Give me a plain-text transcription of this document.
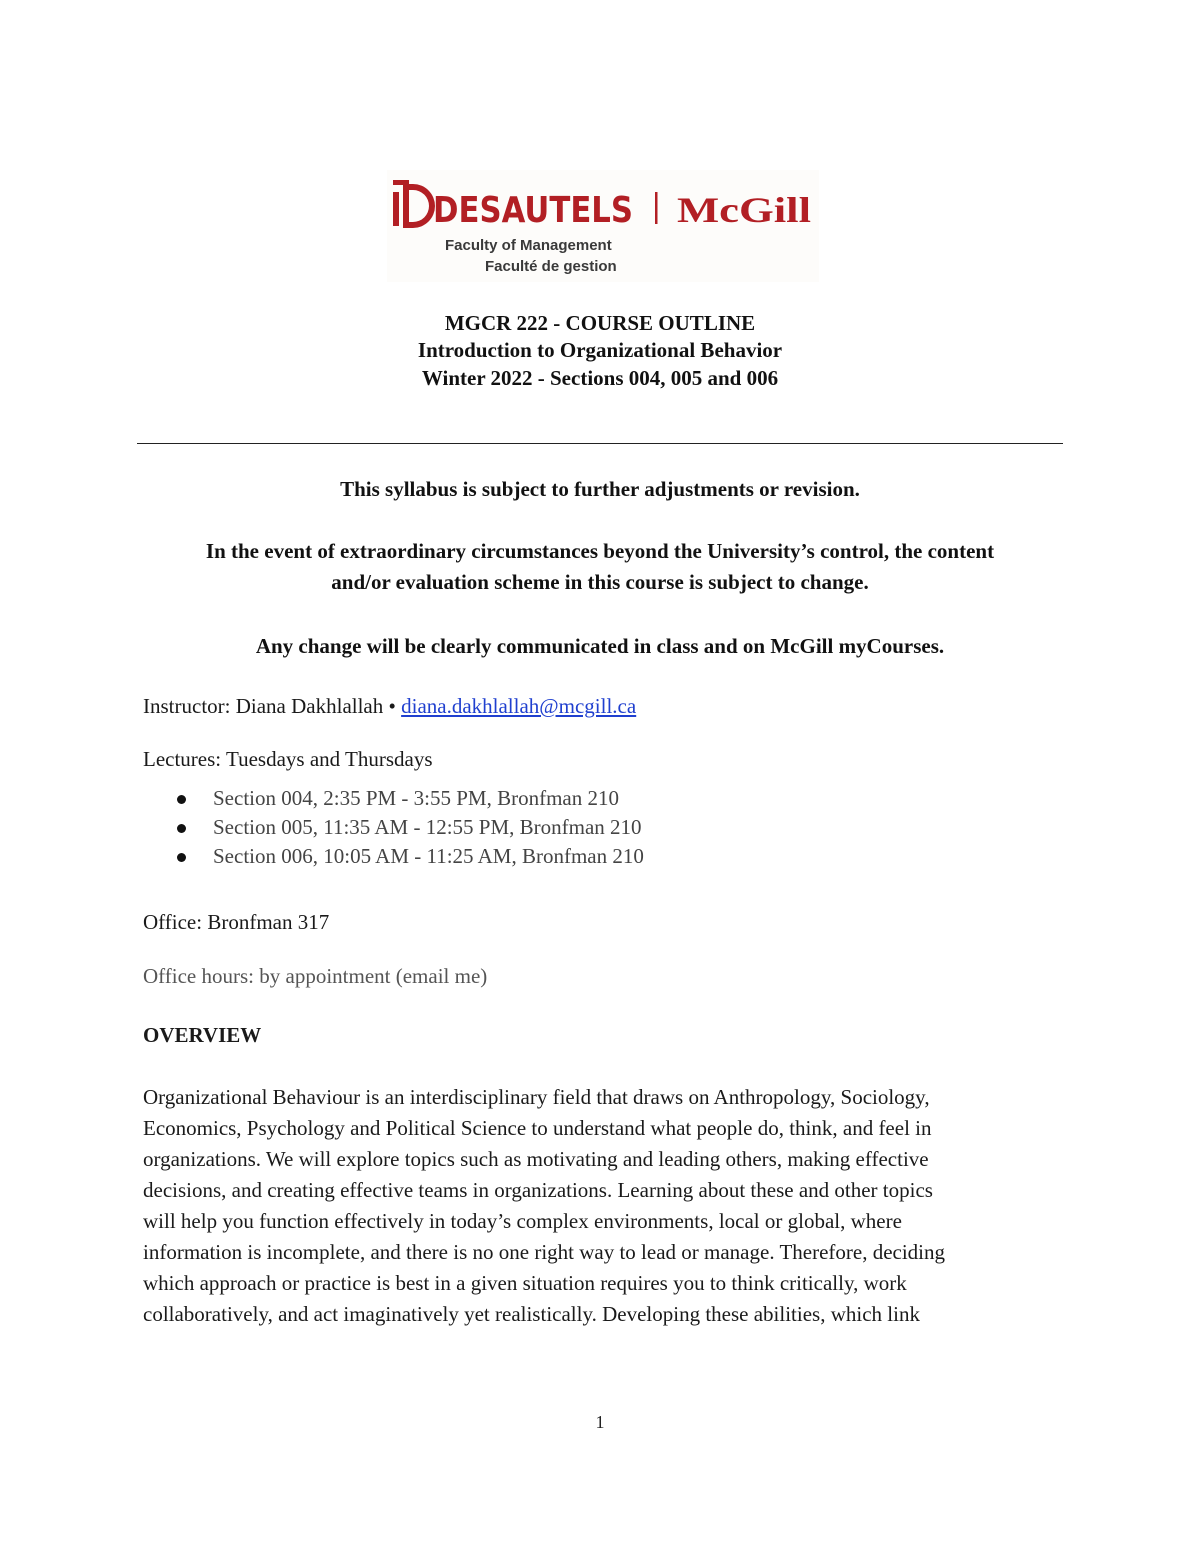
DESAUTELS McGill
Faculty of Management
Faculté de gestion
MGCR 222 - COURSE OUTLINE
Introduction to Organizational Behavior
Winter 2022 - Sections 004, 005 and 006
This syllabus is subject to further adjustments or revision.
In the event of extraordinary circumstances beyond the University’s control, the content
and/or evaluation scheme in this course is subject to change.
Any change will be clearly communicated in class and on McGill myCourses.
Instructor: Diana Dakhlallah • diana.dakhlallah@mcgill.ca
Lectures: Tuesdays and Thursdays
Section 004, 2:35 PM - 3:55 PM, Bronfman 210
Section 005, 11:35 AM - 12:55 PM, Bronfman 210
Section 006, 10:05 AM - 11:25 AM, Bronfman 210
Office: Bronfman 317
Office hours: by appointment (email me)
OVERVIEW
Organizational Behaviour is an interdisciplinary field that draws on Anthropology, Sociology,
Economics, Psychology and Political Science to understand what people do, think, and feel in
organizations. We will explore topics such as motivating and leading others, making effective
decisions, and creating effective teams in organizations. Learning about these and other topics
will help you function effectively in today’s complex environments, local or global, where
information is incomplete, and there is no one right way to lead or manage. Therefore, deciding
which approach or practice is best in a given situation requires you to think critically, work
collaboratively, and act imaginatively yet realistically. Developing these abilities, which link
1
